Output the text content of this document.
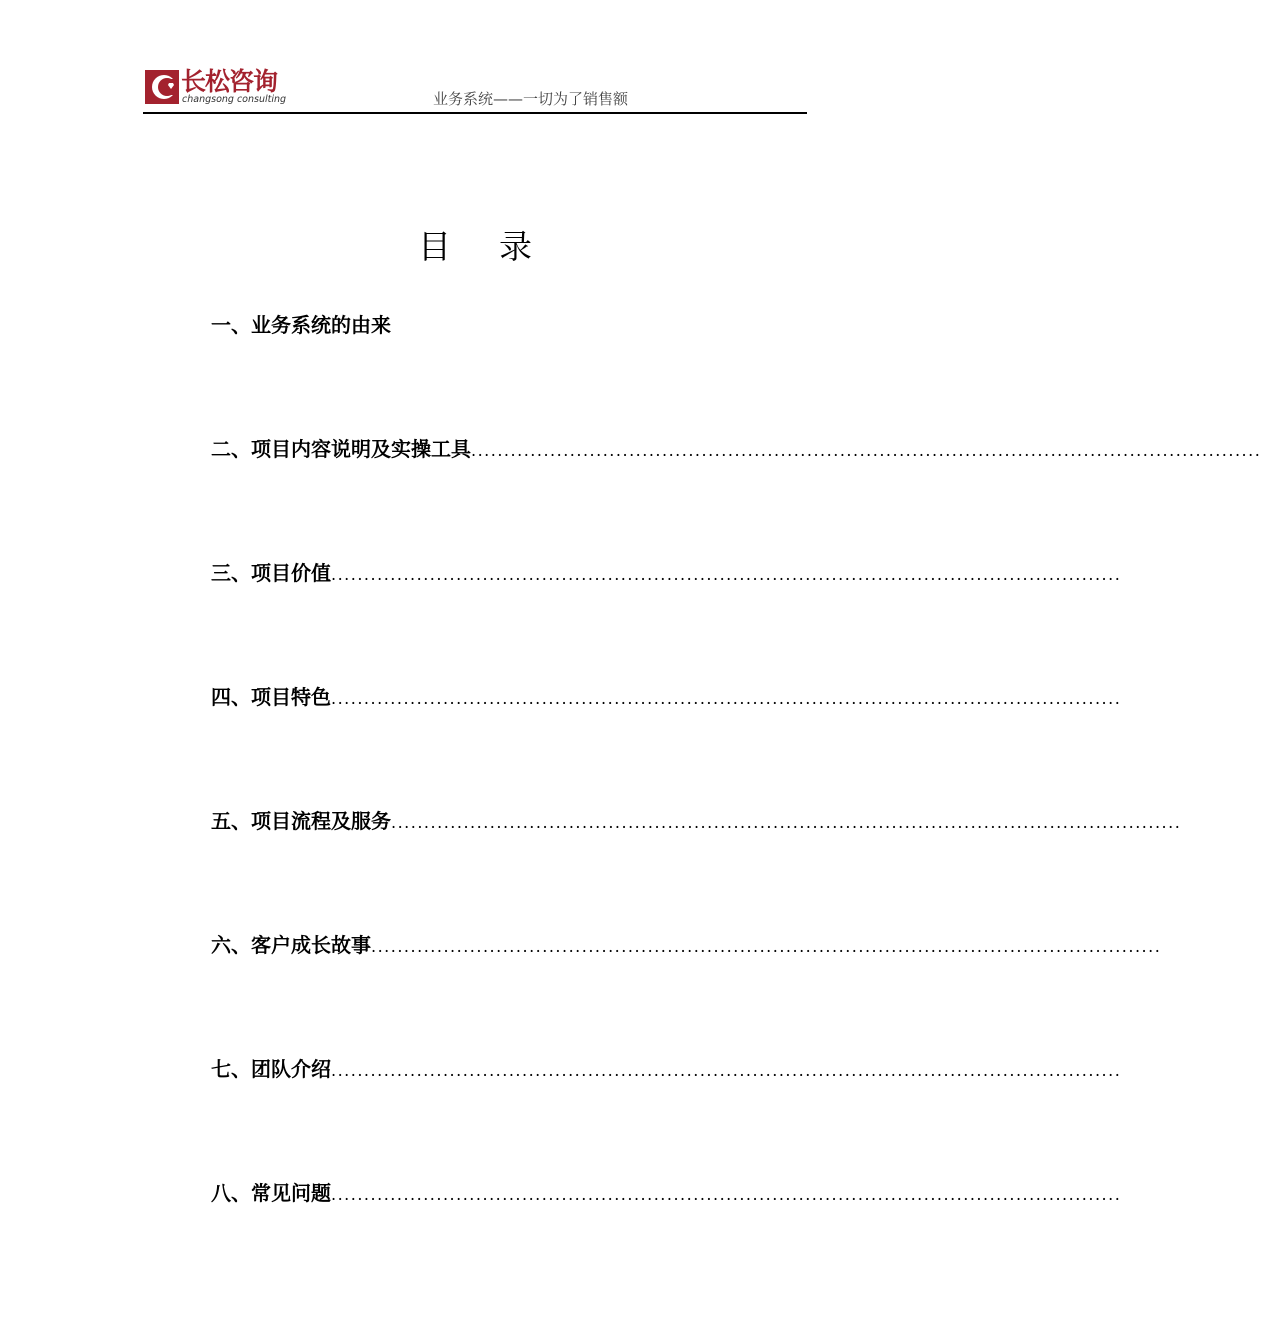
长松咨询
changsong consulting	业务系统——一切为了销售额
目 录
一、业务系统的由来
二、项目内容说明及实操工具 ........................................................................................................................
三、项目价值 ........................................................................................................................
四、项目特色 ........................................................................................................................
五、项目流程及服务 ........................................................................................................................
六、客户成长故事 ........................................................................................................................
七、团队介绍 ........................................................................................................................
八、常见问题 ........................................................................................................................
